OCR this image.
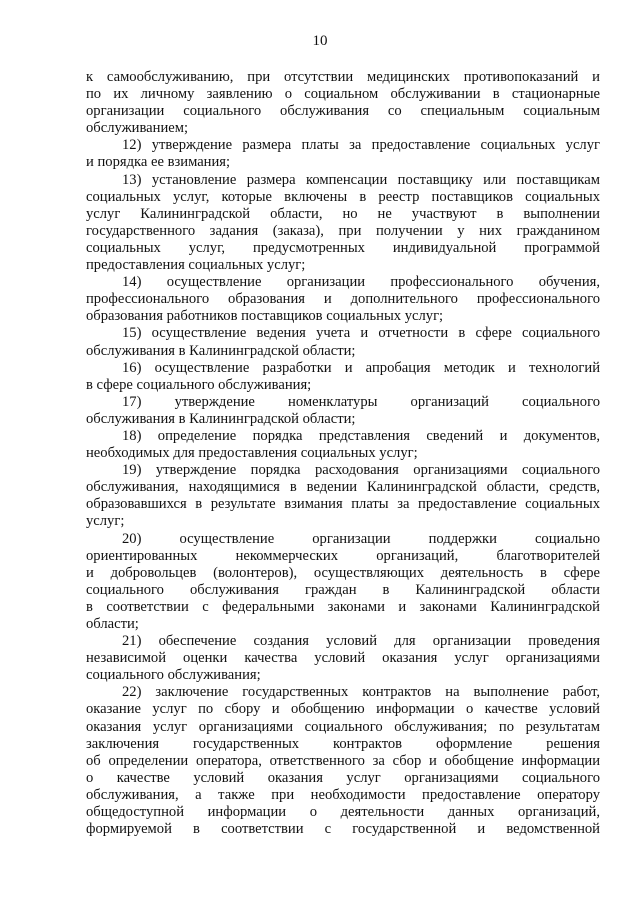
10
к самообслуживанию, при отсутствии медицинских противопоказаний и
по их личному заявлению о социальном обслуживании в стационарные
организации социального обслуживания со специальным социальным
обслуживанием;
12) утверждение размера платы за предоставление социальных услуг
и порядка ее взимания;
13) установление размера компенсации поставщику или поставщикам
социальных услуг, которые включены в реестр поставщиков социальных
услуг Калининградской области, но не участвуют в выполнении
государственного задания (заказа), при получении у них гражданином
социальных услуг, предусмотренных индивидуальной программой
предоставления социальных услуг;
14) осуществление организации профессионального обучения,
профессионального образования и дополнительного профессионального
образования работников поставщиков социальных услуг;
15) осуществление ведения учета и отчетности в сфере социального
обслуживания в Калининградской области;
16) осуществление разработки и апробация методик и технологий
в сфере социального обслуживания;
17) утверждение номенклатуры организаций социального
обслуживания в Калининградской области;
18) определение порядка представления сведений и документов,
необходимых для предоставления социальных услуг;
19) утверждение порядка расходования организациями социального
обслуживания, находящимися в ведении Калининградской области, средств,
образовавшихся в результате взимания платы за предоставление социальных
услуг;
20) осуществление организации поддержки социально
ориентированных некоммерческих организаций, благотворителей
и добровольцев (волонтеров), осуществляющих деятельность в сфере
социального обслуживания граждан в Калининградской области
в соответствии с федеральными законами и законами Калининградской
области;
21) обеспечение создания условий для организации проведения
независимой оценки качества условий оказания услуг организациями
социального обслуживания;
22) заключение государственных контрактов на выполнение работ,
оказание услуг по сбору и обобщению информации о качестве условий
оказания услуг организациями социального обслуживания; по результатам
заключения государственных контрактов оформление решения
об определении оператора, ответственного за сбор и обобщение информации
о качестве условий оказания услуг организациями социального
обслуживания, а также при необходимости предоставление оператору
общедоступной информации о деятельности данных организаций,
формируемой в соответствии с государственной и ведомственной
